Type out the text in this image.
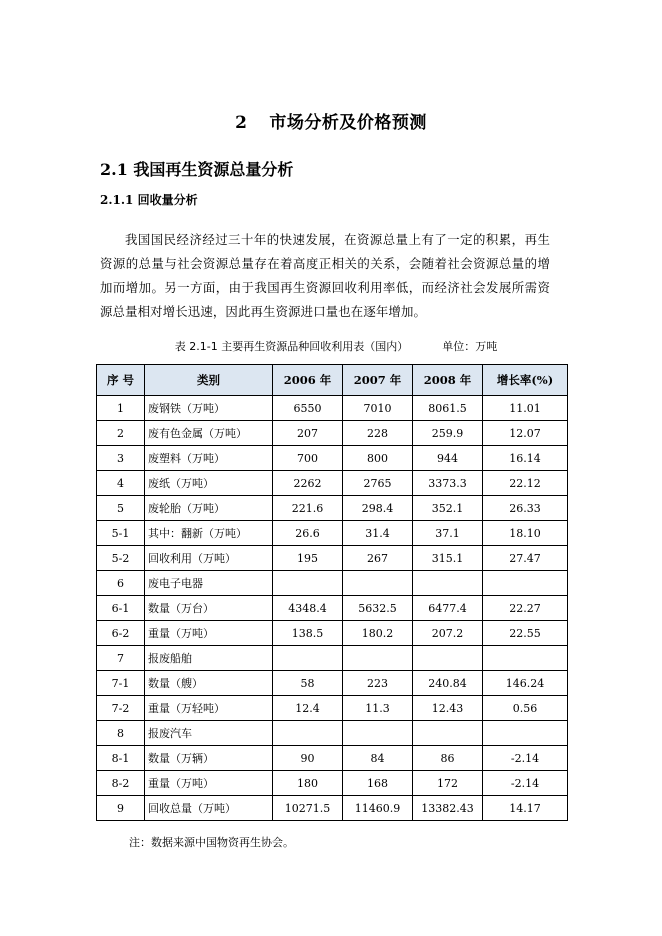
2 市场分析及价格预测
2.1 我国再生资源总量分析
2.1.1 回收量分析
我国国民经济经过三十年的快速发展，在资源总量上有了一定的积累，再生资源的总量与社会资源总量存在着高度正相关的关系，会随着社会资源总量的增加而增加。另一方面，由于我国再生资源回收利用率低，而经济社会发展所需资源总量相对增长迅速，因此再生资源进口量也在逐年增加。
表 2.1-1 主要再生资源品种回收利用表（国内）	单位：万吨
序 号	类别	2006 年	2007 年	2008 年	增长率(%)
1	废钢铁（万吨）	6550	7010	8061.5	11.01
2	废有色金属（万吨）	207	228	259.9	12.07
3	废塑料（万吨）	700	800	944	16.14
4	废纸（万吨）	2262	2765	3373.3	22.12
5	废轮胎（万吨）	221.6	298.4	352.1	26.33
5-1	其中：翻新（万吨）	26.6	31.4	37.1	18.10
5-2	回收利用（万吨）	195	267	315.1	27.47
6	废电子电器				
6-1	数量（万台）	4348.4	5632.5	6477.4	22.27
6-2	重量（万吨）	138.5	180.2	207.2	22.55
7	报废船舶				
7-1	数量（艘）	58	223	240.84	146.24
7-2	重量（万轻吨）	12.4	11.3	12.43	0.56
8	报废汽车				
8-1	数量（万辆）	90	84	86	-2.14
8-2	重量（万吨）	180	168	172	-2.14
9	回收总量（万吨）	10271.5	11460.9	13382.43	14.17
注：数据来源中国物资再生协会。
